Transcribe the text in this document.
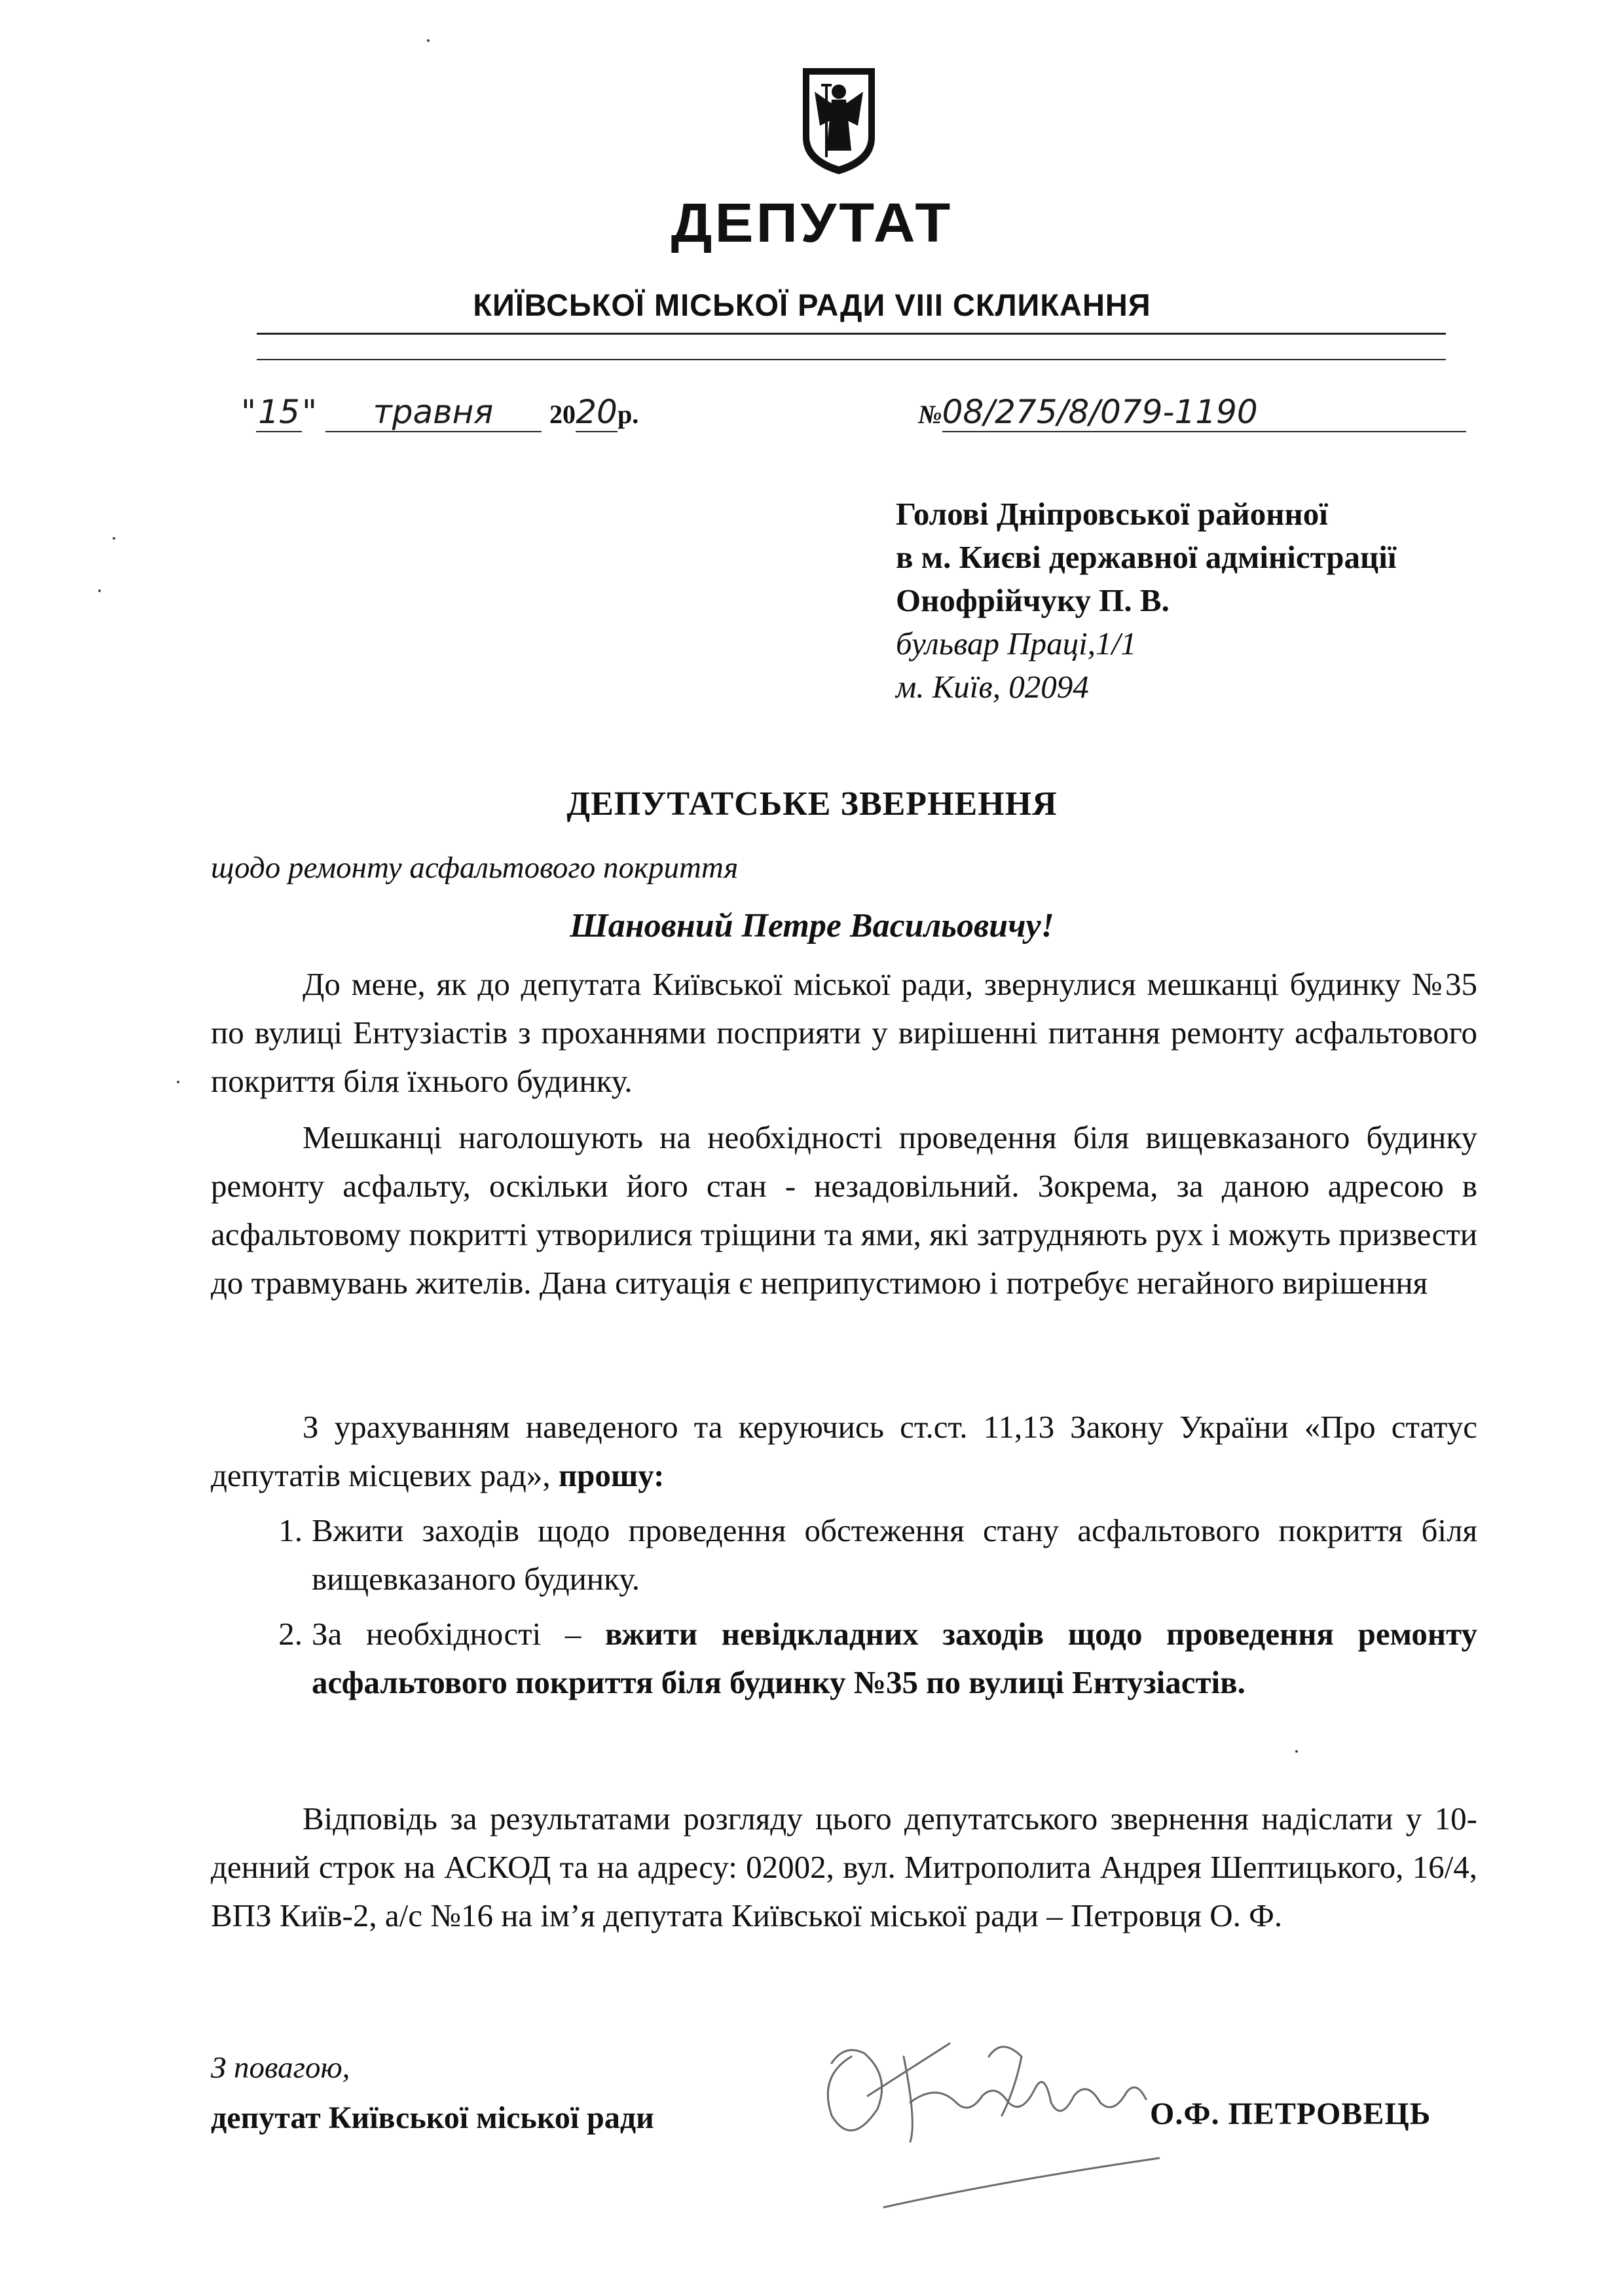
ДЕПУТАТ
КИЇВСЬКОЇ МІСЬКОЇ РАДИ VIII СКЛИКАННЯ
"15" травня 2020р.	№08/275/8/079-1190
Голові Дніпровської районної
в м. Києві державної адміністрації
Онофрійчуку П. В.
бульвар Праці,1/1
м. Київ, 02094
ДЕПУТАТСЬКЕ ЗВЕРНЕННЯ
щодо ремонту асфальтового покриття
Шановний Петре Васильовичу!

До мене, як до депутата Київської міської ради, звернулися мешканці будинку №35 по вулиці Ентузіастів з проханнями посприяти у вирішенні питання ремонту асфальтового покриття біля їхнього будинку.

Мешканці наголошують на необхідності проведення біля вищевказаного будинку ремонту асфальту, оскільки його стан - незадовільний. Зокрема, за даною адресою в асфальтовому покритті утворилися тріщини та ями, які затрудняють рух і можуть призвести до травмувань жителів. Дана ситуація є неприпустимою і потребує негайного вирішення

З урахуванням наведеного та керуючись ст.ст. 11,13 Закону України «Про статус депутатів місцевих рад», прошу:

1. Вжити заходів щодо проведення обстеження стану асфальтового покриття біля вищевказаного будинку.
2. За необхідності – вжити невідкладних заходів щодо проведення ремонту асфальтового покриття біля будинку №35 по вулиці Ентузіастів.

Відповідь за результатами розгляду цього депутатського звернення надіслати у 10-денний строк на АСКОД та на адресу: 02002, вул. Митрополита Андрея Шептицького, 16/4, ВПЗ Київ-2, а/с №16 на ім’я депутата Київської міської ради – Петровця О. Ф.

З повагою,
депутат Київської міської ради	О.Ф. ПЕТРОВЕЦЬ
